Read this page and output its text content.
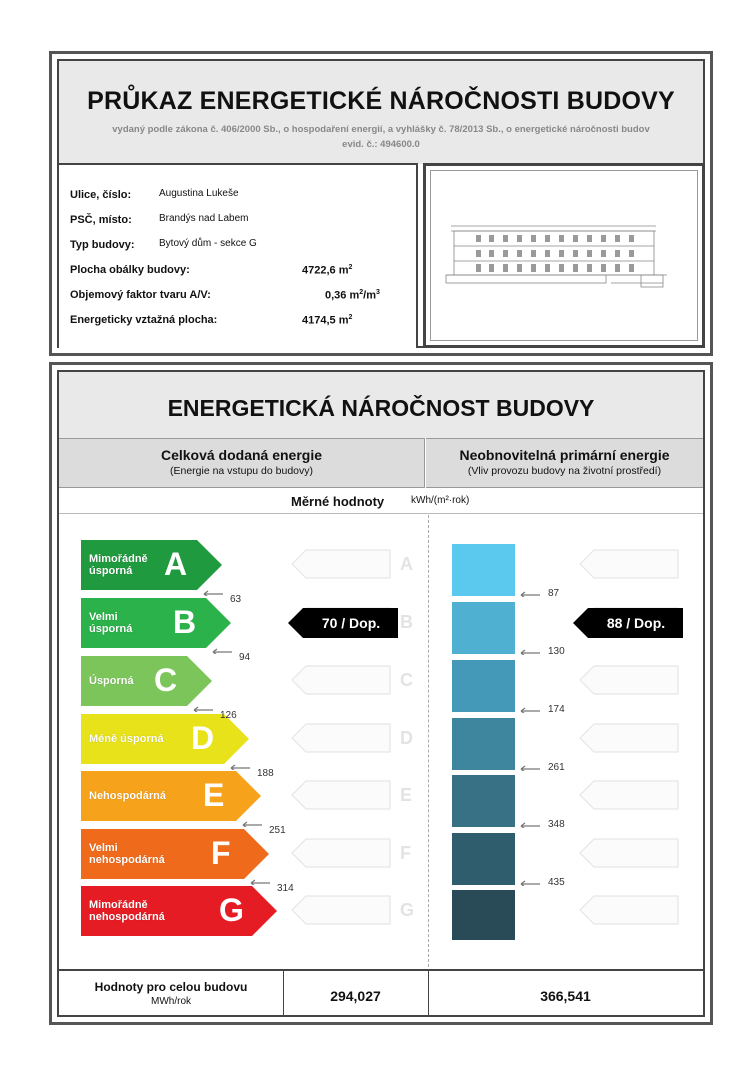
PRŮKAZ ENERGETICKÉ NÁROČNOSTI BUDOVY
vydaný podle zákona č. 406/2000 Sb., o hospodaření energií, a vyhlášky č. 78/2013 Sb., o energetické náročnosti budov
evid. č.: 494600.0
Ulice, číslo:	Augustina Lukeše
PSČ, místo:	Brandýs nad Labem
Typ budovy: Bytový dům - sekce G
Plocha obálky budovy:	4722,6 $m^2$
Objemový faktor tvaru A/V:	0,36 $m^2/m^3$
Energeticky vztažná plocha:	4174,5 $m^2$
ENERGETICKÁ NÁROČNOST BUDOVY
Celková dodaná energie
(Energie na vstupu do budovy)
Neobnovitelná primární energie
(Vliv provozu budovy na životní prostředí)
Měrné hodnoty	kWh/(m²·rok)
Mimořádně
úsporná A	A
Velmi
úsporná B	B
Úsporná C	C
Méně úsporná D	D
Nehospodárná E	E
Velmi
nehospodárná F	F
Mimořádně
nehospodárná G	G
63
94
126
188
251
314
87
130
174
261
348
435
70 / Dop.	88 / Dop.
Hodnoty pro celou budovu
MWh/rok	294,027	366,541
